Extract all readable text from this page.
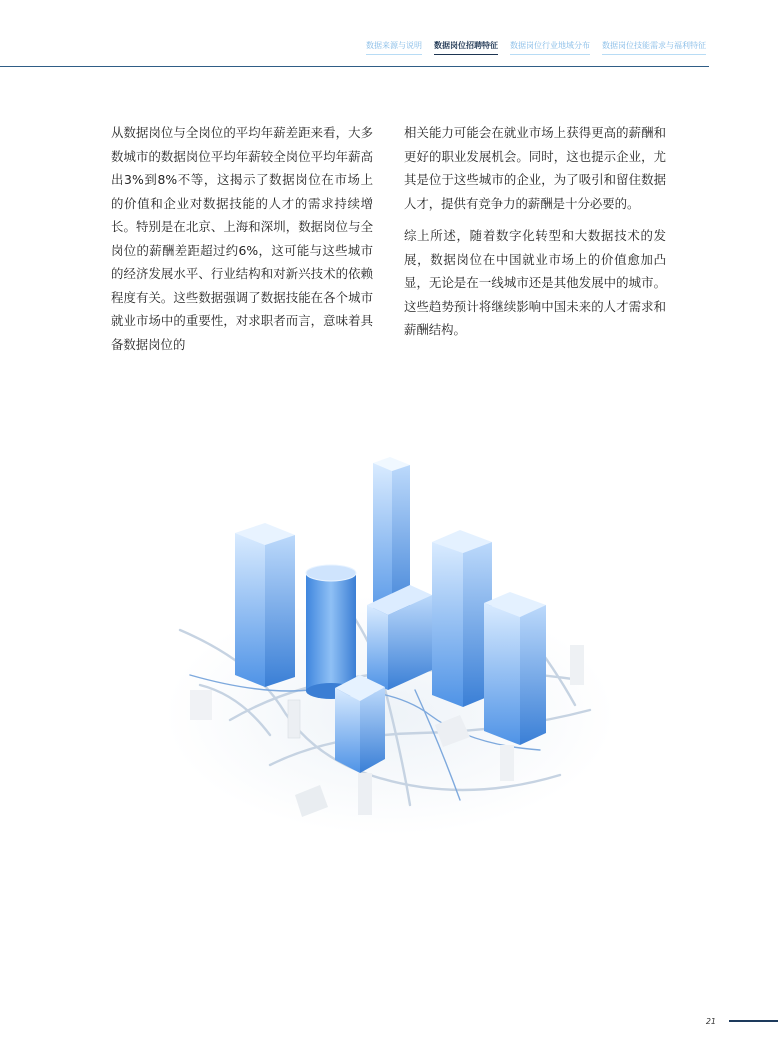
数据来源与说明 数据岗位招聘特征 数据岗位行业地域分布 数据岗位技能需求与福利特征

从数据岗位与全岗位的平均年薪差距来看，大多数城市的数据岗位平均年薪较全岗位平均年薪高出3%到8%不等，这揭示了数据岗位在市场上的价值和企业对数据技能的人才的需求持续增长。特别是在北京、上海和深圳，数据岗位与全岗位的薪酬差距超过约6%，这可能与这些城市的经济发展水平、行业结构和对新兴技术的依赖程度有关。这些数据强调了数据技能在各个城市就业市场中的重要性，对求职者而言，意味着具备数据岗位的

相关能力可能会在就业市场上获得更高的薪酬和更好的职业发展机会。同时，这也提示企业，尤其是位于这些城市的企业，为了吸引和留住数据人才，提供有竞争力的薪酬是十分必要的。

综上所述，随着数字化转型和大数据技术的发展，数据岗位在中国就业市场上的价值愈加凸显，无论是在一线城市还是其他发展中的城市。这些趋势预计将继续影响中国未来的人才需求和薪酬结构。

21
